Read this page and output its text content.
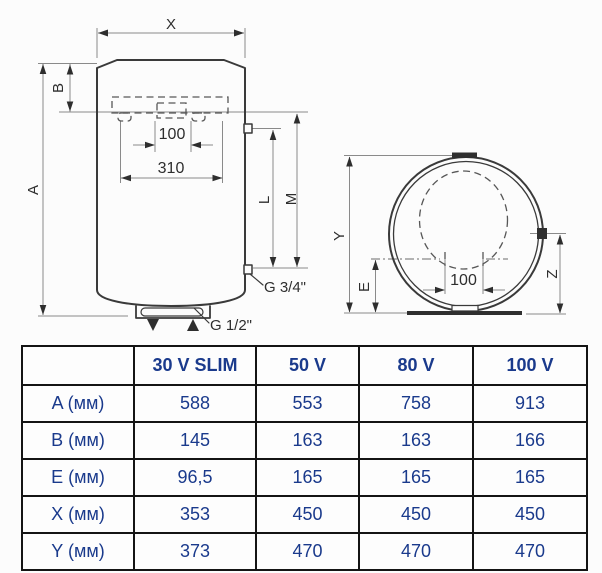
X
A
B
100
310
L M
G 3/4"
G 1/2"
Y
E
Z
100
	30 V SLIM	50 V	80 V	100 V
A (мм)	588	553	758	913
B (мм)	145	163	163	166
E (мм)	96,5	165	165	165
X (мм)	353	450	450	450
Y (мм)	373	470	470	470
